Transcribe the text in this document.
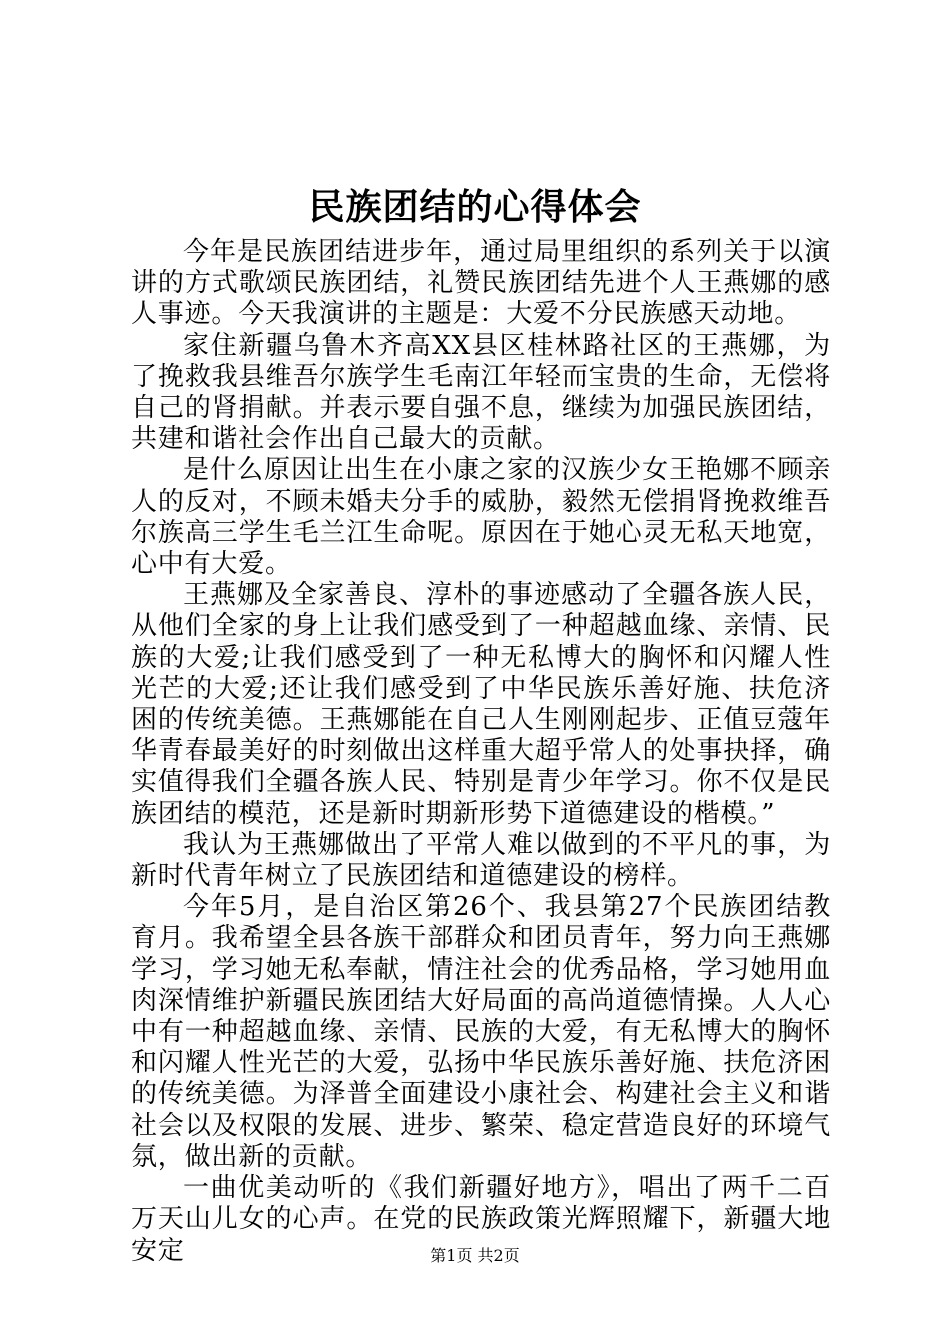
民族团结的心得体会

今年是民族团结进步年，通过局里组织的系列关于以演讲的方式歌颂民族团结，礼赞民族团结先进个人王燕娜的感人事迹。今天我演讲的主题是：大爱不分民族感天动地。

家住新疆乌鲁木齐高XX县区桂林路社区的王燕娜，为了挽救我县维吾尔族学生毛南江年轻而宝贵的生命，无偿将自己的肾捐献。并表示要自强不息，继续为加强民族团结，共建和谐社会作出自己最大的贡献。

是什么原因让出生在小康之家的汉族少女王艳娜不顾亲人的反对，不顾未婚夫分手的威胁，毅然无偿捐肾挽救维吾尔族高三学生毛兰江生命呢。原因在于她心灵无私天地宽，心中有大爱。

王燕娜及全家善良、淳朴的事迹感动了全疆各族人民，从他们全家的身上让我们感受到了一种超越血缘、亲情、民族的大爱;让我们感受到了一种无私博大的胸怀和闪耀人性光芒的大爱;还让我们感受到了中华民族乐善好施、扶危济困的传统美德。王燕娜能在自己人生刚刚起步、正值豆蔻年华青春最美好的时刻做出这样重大超乎常人的处事抉择，确实值得我们全疆各族人民、特别是青少年学习。你不仅是民族团结的模范，还是新时期新形势下道德建设的楷模。”

我认为王燕娜做出了平常人难以做到的不平凡的事，为新时代青年树立了民族团结和道德建设的榜样。

今年5月，是自治区第26个、我县第27个民族团结教育月。我希望全县各族干部群众和团员青年，努力向王燕娜学习，学习她无私奉献，情注社会的优秀品格，学习她用血肉深情维护新疆民族团结大好局面的高尚道德情操。人人心中有一种超越血缘、亲情、民族的大爱，有无私博大的胸怀和闪耀人性光芒的大爱，弘扬中华民族乐善好施、扶危济困的传统美德。为泽普全面建设小康社会、构建社会主义和谐社会以及权限的发展、进步、繁荣、稳定营造良好的环境气氛，做出新的贡献。

一曲优美动听的《我们新疆好地方》，唱出了两千二百万天山儿女的心声。在党的民族政策光辉照耀下，新疆大地安定	第1页 共2页
